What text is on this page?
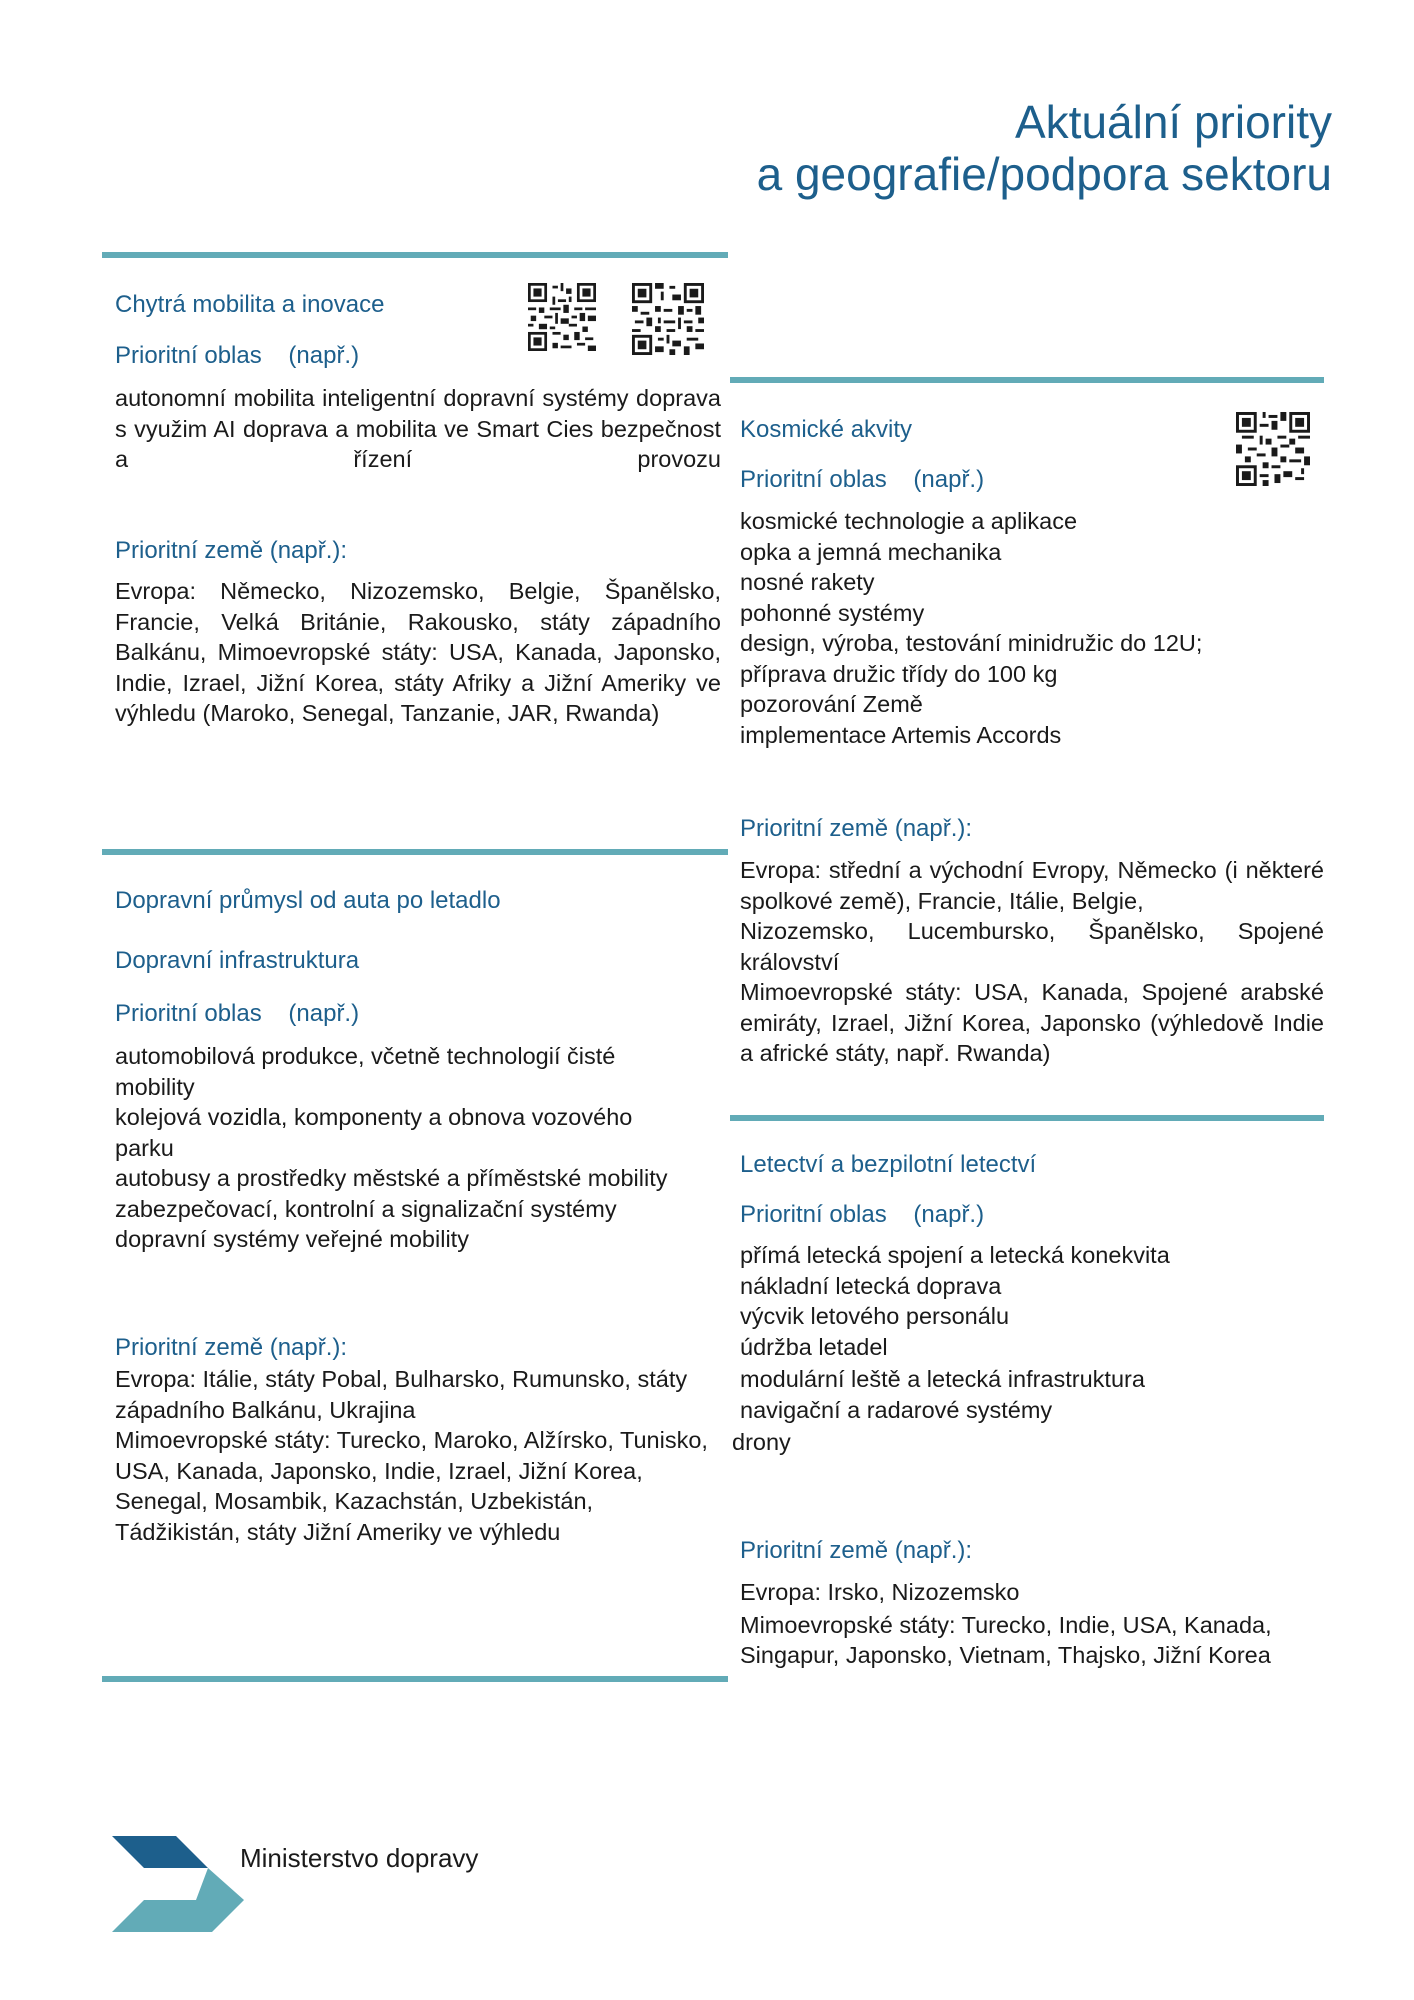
Aktuální priority
a geografie/podpora sektoru
Chytrá mobilita a inovace
Prioritní oblas    (např.)
autonomní mobilita inteligentní dopravní systémy doprava s využim AI doprava a mobilita ve Smart Cies bezpečnost a řízení provozu
Prioritní země (např.):
Evropa: Německo, Nizozemsko, Belgie, Španělsko, Francie, Velká Británie, Rakousko, státy západního Balkánu, Mimoevropské státy: USA, Kanada, Japonsko, Indie, Izrael, Jižní Korea, státy Afriky a Jižní Ameriky ve výhledu (Maroko, Senegal, Tanzanie, JAR, Rwanda)
Dopravní průmysl od auta po letadlo
Dopravní infrastruktura
Prioritní oblas    (např.)
automobilová produkce, včetně technologií čisté
mobility
kolejová vozidla, komponenty a obnova vozového
parku
autobusy a prostředky městské a příměstské mobility
zabezpečovací, kontrolní a signalizační systémy
dopravní systémy veřejné mobility
Prioritní země (např.):
Evropa: Itálie, státy Pobal, Bulharsko, Rumunsko, státy
západního Balkánu, Ukrajina
Mimoevropské státy: Turecko, Maroko, Alžírsko, Tunisko,
USA, Kanada, Japonsko, Indie, Izrael, Jižní Korea,
Senegal, Mosambik, Kazachstán, Uzbekistán,
Tádžikistán, státy Jižní Ameriky ve výhledu
Kosmické akvity
Prioritní oblas    (např.)
kosmické technologie a aplikace
opka a jemná mechanika
nosné rakety
pohonné systémy
design, výroba, testování minidružic do 12U;
příprava družic třídy do 100 kg
pozorování Země
implementace Artemis Accords
Prioritní země (např.):
Evropa: střední a východní Evropy, Německo (i některé spolkové země), Francie, Itálie, Belgie,
Nizozemsko, Lucembursko, Španělsko, Spojené
království
Mimoevropské státy: USA, Kanada, Spojené arabské emiráty, Izrael, Jižní Korea, Japonsko (výhledově Indie a africké státy, např. Rwanda)
Letectví a bezpilotní letectví
Prioritní oblas    (např.)
přímá letecká spojení a letecká konekvita
nákladní letecká doprava
výcvik letového personálu
údržba letadel
modulární leště a letecká infrastruktura
navigační a radarové systémy
drony
Prioritní země (např.):
Evropa: Irsko, Nizozemsko
Mimoevropské státy: Turecko, Indie, USA, Kanada,
Singapur, Japonsko, Vietnam, Thajsko, Jižní Korea
Ministerstvo dopravy
